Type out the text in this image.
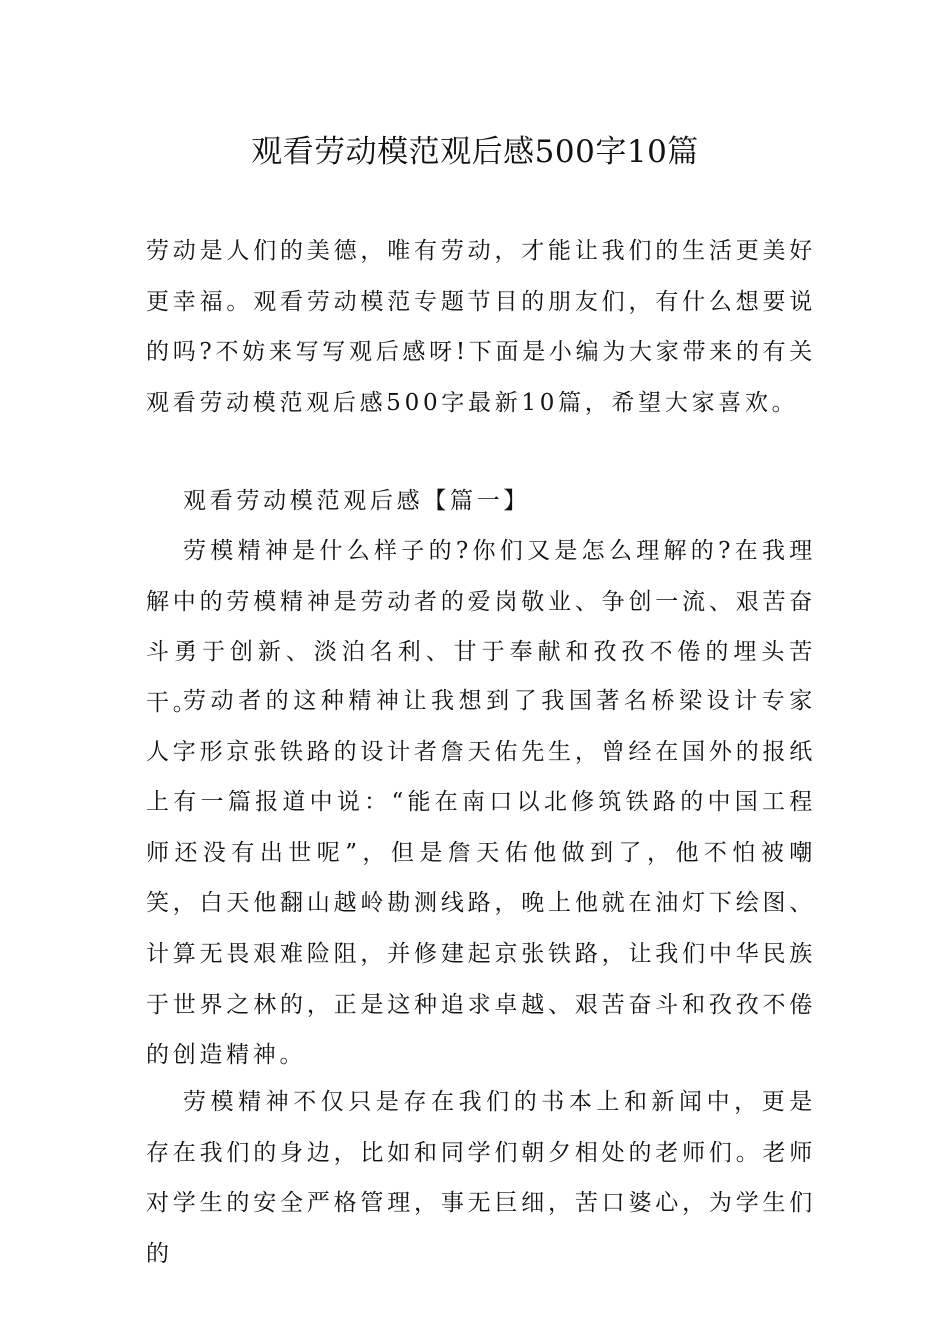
观看劳动模范观后感500字10篇

劳动是人们的美德，唯有劳动，才能让我们的生活更美好更幸福。观看劳动模范专题节目的朋友们，有什么想要说的吗?不妨来写写观后感呀!下面是小编为大家带来的有关观看劳动模范观后感500字最新10篇，希望大家喜欢。

观看劳动模范观后感【篇一】

劳模精神是什么样子的?你们又是怎么理解的?在我理解中的劳模精神是劳动者的爱岗敬业、争创一流、艰苦奋斗勇于创新、淡泊名利、甘于奉献和孜孜不倦的埋头苦干。

劳动者的这种精神让我想到了我国著名桥梁设计专家人字形京张铁路的设计者詹天佑先生，曾经在国外的报纸上有一篇报道中说：“能在南口以北修筑铁路的中国工程师还没有出世呢”，但是詹天佑他做到了，他不怕被嘲笑，白天他翻山越岭勘测线路，晚上他就在油灯下绘图、计算无畏艰难险阻，并修建起京张铁路，让我们中华民族于世界之林的，正是这种追求卓越、艰苦奋斗和孜孜不倦的创造精神。

劳模精神不仅只是存在我们的书本上和新闻中，更是存在我们的身边，比如和同学们朝夕相处的老师们。老师对学生的安全严格管理，事无巨细，苦口婆心，为学生们的
